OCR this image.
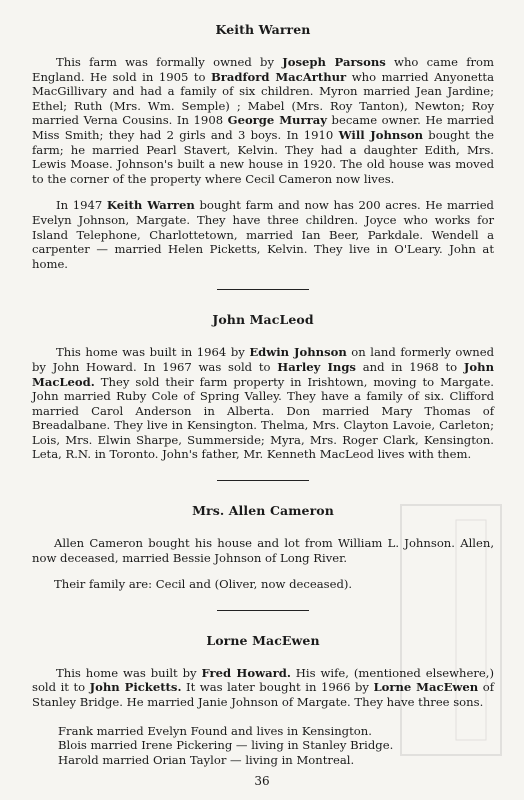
Keith Warren

This farm was formally owned by Joseph Parsons who came from England. He sold in 1905 to Bradford MacArthur who married Anyonetta MacGillivary and had a family of six children. Myron married Jean Jardine; Ethel; Ruth (Mrs. Wm. Semple) ; Mabel (Mrs. Roy Tanton), Newton; Roy married Verna Cousins. In 1908 George Murray became owner. He married Miss Smith; they had 2 girls and 3 boys. In 1910 Will Johnson bought the farm; he married Pearl Stavert, Kelvin. They had a daughter Edith, Mrs. Lewis Moase. Johnson's built a new house in 1920. The old house was moved to the corner of the property where Cecil Cameron now lives.

In 1947 Keith Warren bought farm and now has 200 acres. He married Evelyn Johnson, Margate. They have three children. Joyce who works for Island Telephone, Charlottetown, married Ian Beer, Parkdale. Wendell a carpenter — married Helen Picketts, Kelvin. They live in O'Leary. John at home.

John MacLeod

This home was built in 1964 by Edwin Johnson on land formerly owned by John Howard. In 1967 was sold to Harley Ings and in 1968 to John MacLeod. They sold their farm property in Irishtown, moving to Margate. John married Ruby Cole of Spring Valley. They have a family of six. Clifford married Carol Anderson in Alberta. Don married Mary Thomas of Breadalbane. They live in Kensington. Thelma, Mrs. Clayton Lavoie, Carleton; Lois, Mrs. Elwin Sharpe, Summerside; Myra, Mrs. Roger Clark, Kensington. Leta, R.N. in Toronto. John's father, Mr. Kenneth MacLeod lives with them.

Mrs. Allen Cameron

Allen Cameron bought his house and lot from William L. Johnson. Allen, now deceased, married Bessie Johnson of Long River.

Their family are: Cecil and (Oliver, now deceased).

Lorne MacEwen

This home was built by Fred Howard. His wife, (mentioned elsewhere,) sold it to John Picketts. It was later bought in 1966 by Lorne MacEwen of Stanley Bridge. He married Janie Johnson of Margate. They have three sons.

Frank married Evelyn Found and lives in Kensington.
Blois married Irene Pickering — living in Stanley Bridge.
Harold married Orian Taylor — living in Montreal.
36
